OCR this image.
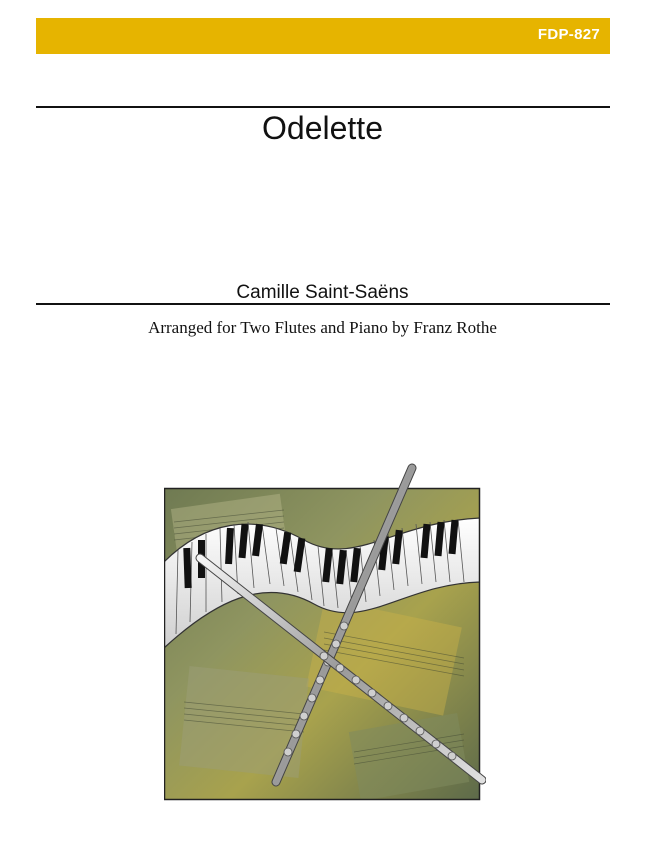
FDP-827
Odelette
Camille Saint-Saëns
Arranged for Two Flutes and Piano by Franz Rothe
